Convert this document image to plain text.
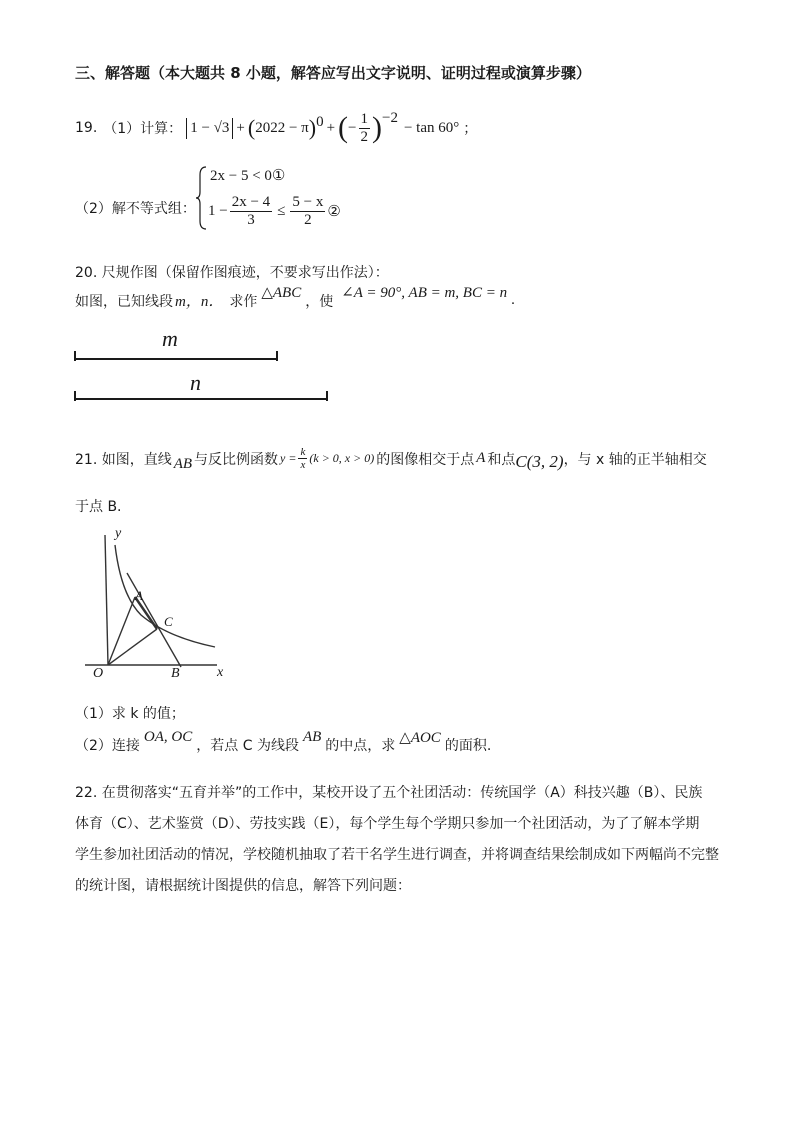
三、解答题（本大题共 8 小题，解答应写出文字说明、证明过程或演算步骤）
19. （1）计算： 1 − √3 + ( 2022 − π ) 0 + ( − $\frac{1}{2}$ ) −2
− tan 60° ；
（2）解不等式组：
2x − 5 < 0①
$1 - \frac{2x - 4}{3} \le \frac{5 - x}{2}$ ②
20. 尺规作图（保留作图痕迹，不要求写出作法）：
如图，已知线段 m，n． 求作
△ABC
，使
∠A = 90°, AB = m, BC = n .
m
n
21. 如图，直线 AB 与反比例函数 $y = \frac{k}{x} (k > 0$, x > 0) 的图像相交于点 A 和点 C(3, 2) ，与 x 轴的正半轴相交
于点 B.
y
x
O
A
C
B
（1）求 k 的值；
（2）连接
OA, OC
，若点 C 为线段
AB
的中点，求
△AOC
的面积.
22. 在贯彻落实“五育并举”的工作中，某校开设了五个社团活动：传统国学（A）科技兴趣（B）、民族
体育（C）、艺术鉴赏（D）、劳技实践（E），每个学生每个学期只参加一个社团活动，为了了解本学期
学生参加社团活动的情况，学校随机抽取了若干名学生进行调查，并将调查结果绘制成如下两幅尚不完整
的统计图，请根据统计图提供的信息，解答下列问题：
